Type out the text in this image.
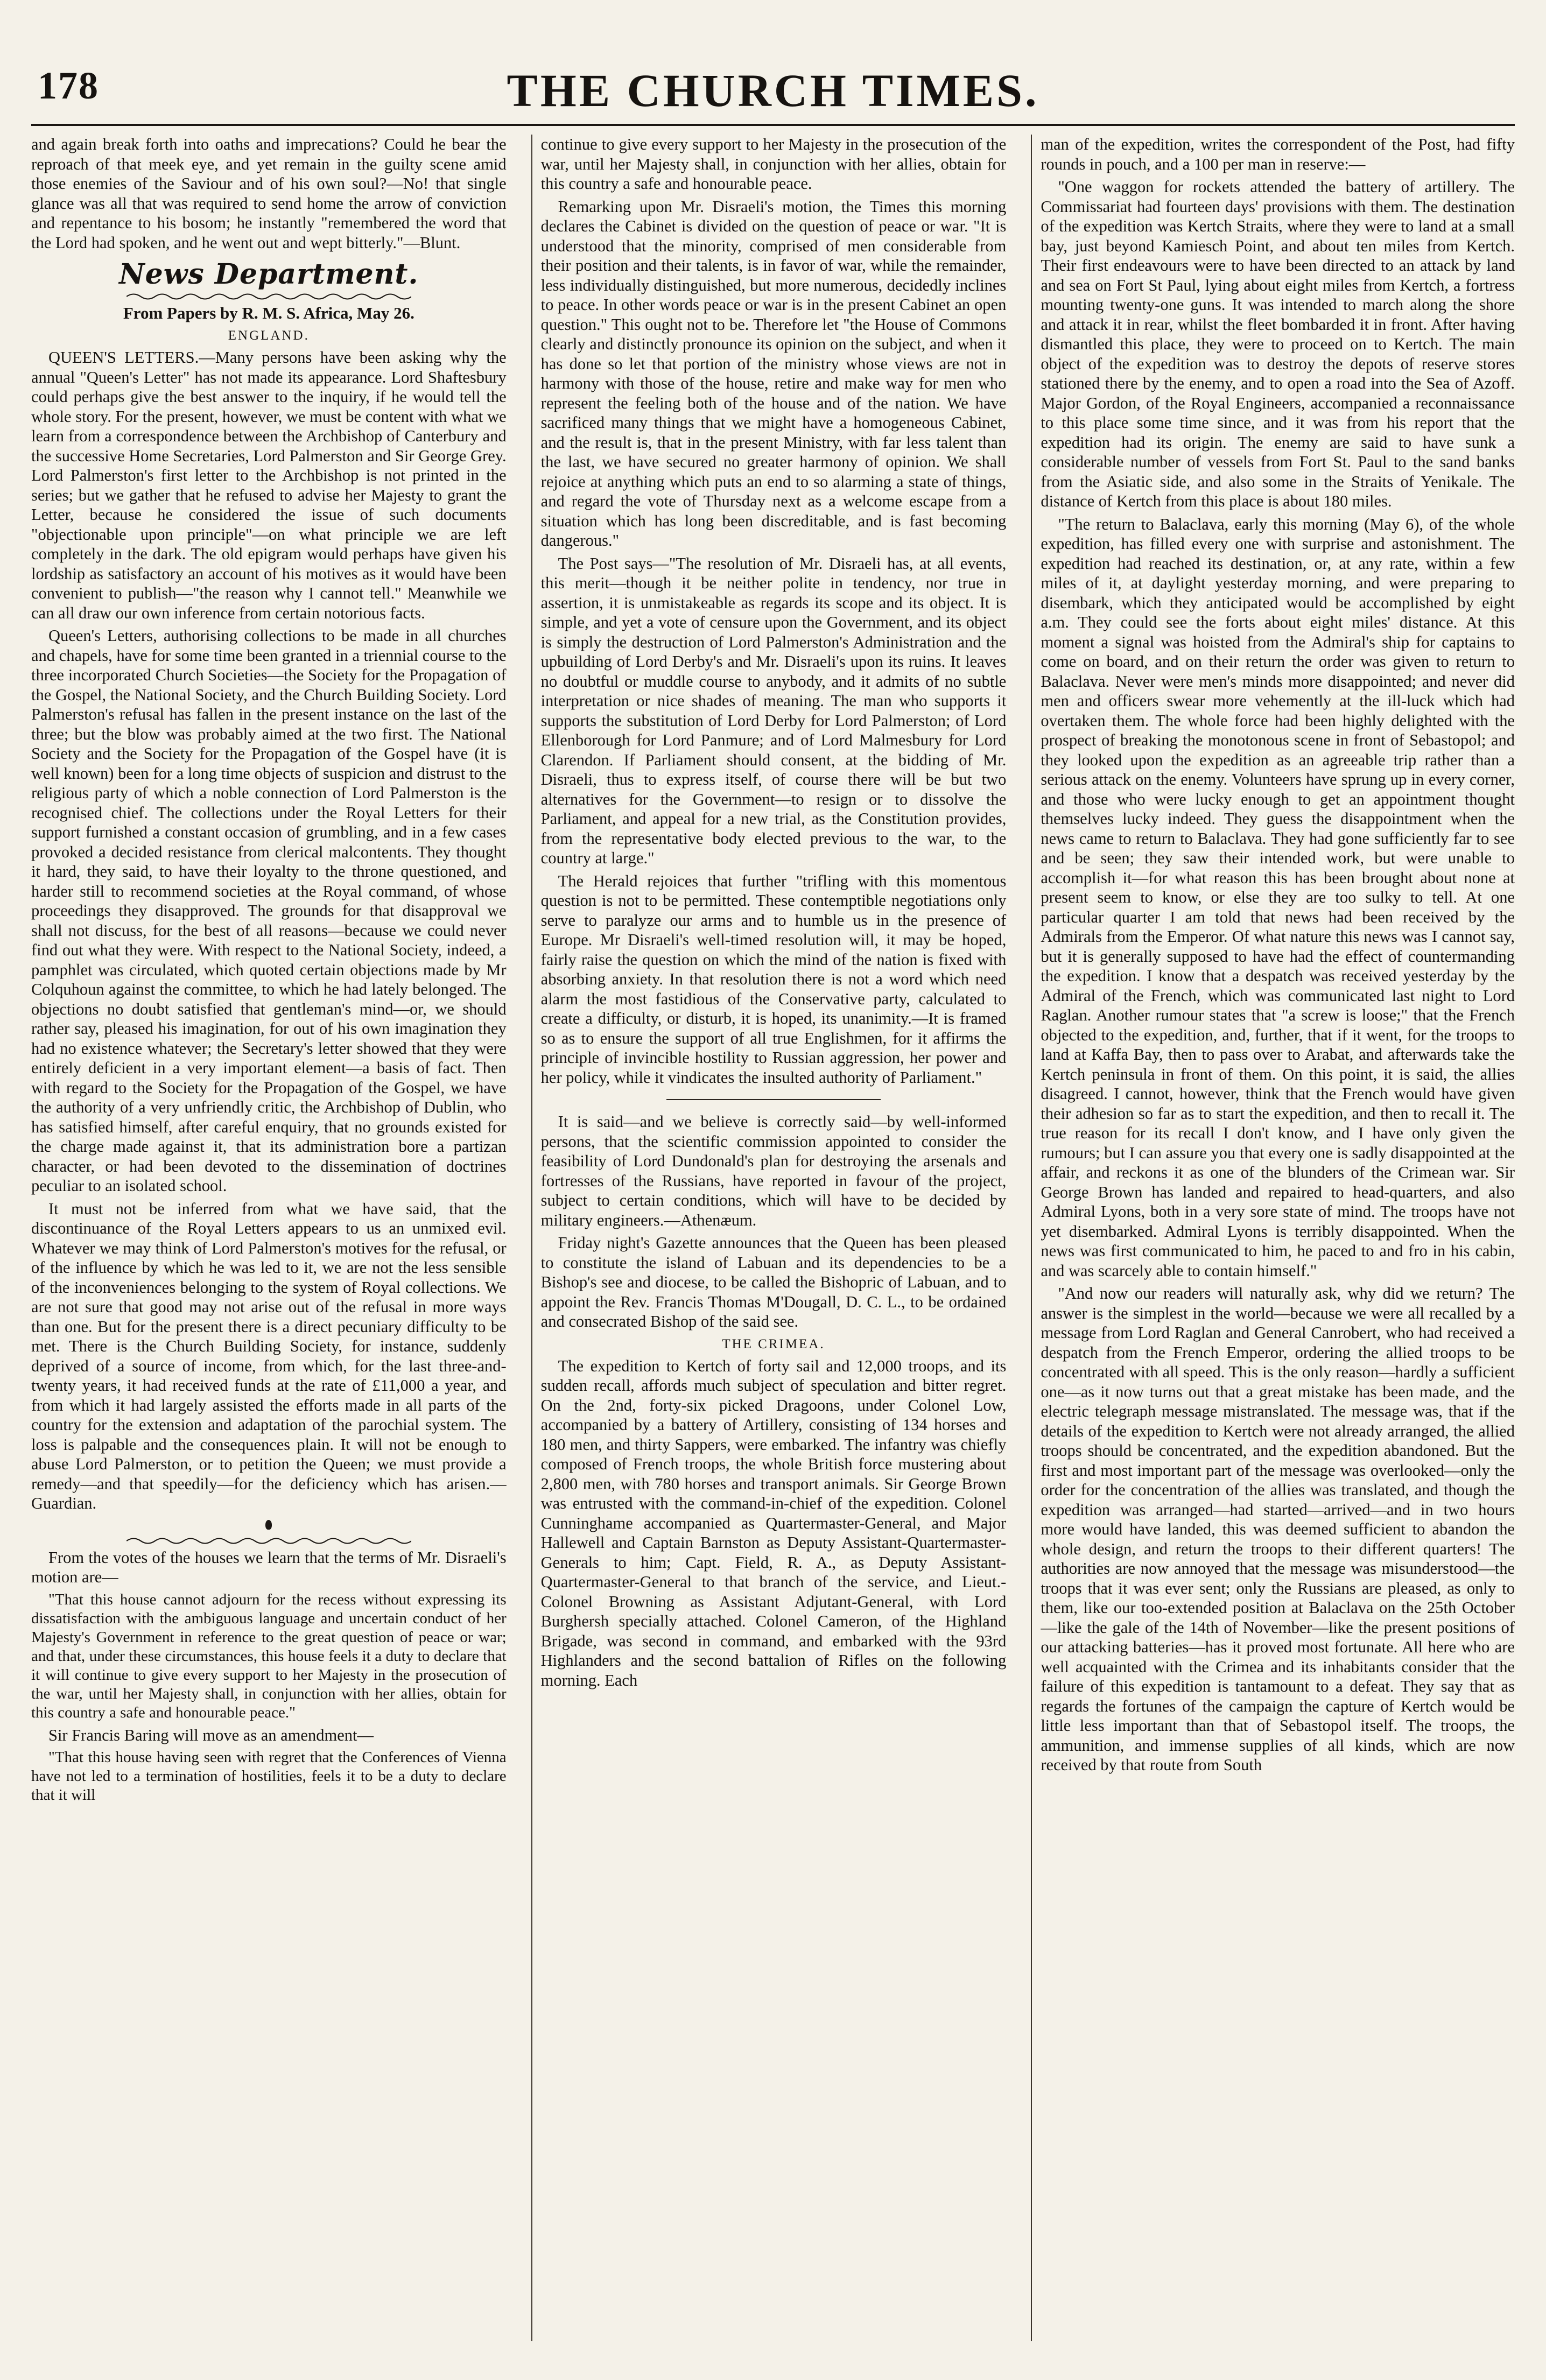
178	THE CHURCH TIMES.

and again break forth into oaths and imprecations? Could he bear the reproach of that meek eye, and yet remain in the guilty scene amid those enemies of the Saviour and of his own soul?—No! that single glance was all that was required to send home the arrow of conviction and repentance to his bosom; he instantly "remembered the word that the Lord had spoken, and he went out and wept bitterly."—Blunt.

News Department.
From Papers by R. M. S. Africa, May 26.
ENGLAND.

QUEEN'S LETTERS.—Many persons have been asking why the annual "Queen's Letter" has not made its appearance. Lord Shaftesbury could perhaps give the best answer to the inquiry, if he would tell the whole story. For the present, however, we must be content with what we learn from a correspondence between the Archbishop of Canterbury and the successive Home Secretaries, Lord Palmerston and Sir George Grey. Lord Palmerston's first letter to the Archbishop is not printed in the series; but we gather that he refused to advise her Majesty to grant the Letter, because he considered the issue of such documents "objectionable upon principle"—on what principle we are left completely in the dark. The old epigram would perhaps have given his lordship as satisfactory an account of his motives as it would have been convenient to publish—"the reason why I cannot tell." Meanwhile we can all draw our own inference from certain notorious facts.

Queen's Letters, authorising collections to be made in all churches and chapels, have for some time been granted in a triennial course to the three incorporated Church Societies—the Society for the Propagation of the Gospel, the National Society, and the Church Building Society. Lord Palmerston's refusal has fallen in the present instance on the last of the three; but the blow was probably aimed at the two first. The National Society and the Society for the Propagation of the Gospel have (it is well known) been for a long time objects of suspicion and distrust to the religious party of which a noble connection of Lord Palmerston is the recognised chief. The collections under the Royal Letters for their support furnished a constant occasion of grumbling, and in a few cases provoked a decided resistance from clerical malcontents. They thought it hard, they said, to have their loyalty to the throne questioned, and harder still to recommend societies at the Royal command, of whose proceedings they disapproved. The grounds for that disapproval we shall not discuss, for the best of all reasons—because we could never find out what they were. With respect to the National Society, indeed, a pamphlet was circulated, which quoted certain objections made by Mr Colquhoun against the committee, to which he had lately belonged. The objections no doubt satisfied that gentleman's mind—or, we should rather say, pleased his imagination, for out of his own imagination they had no existence whatever; the Secretary's letter showed that they were entirely deficient in a very important element—a basis of fact. Then with regard to the Society for the Propagation of the Gospel, we have the authority of a very unfriendly critic, the Archbishop of Dublin, who has satisfied himself, after careful enquiry, that no grounds existed for the charge made against it, that its administration bore a partizan character, or had been devoted to the dissemination of doctrines peculiar to an isolated school.

It must not be inferred from what we have said, that the discontinuance of the Royal Letters appears to us an unmixed evil. Whatever we may think of Lord Palmerston's motives for the refusal, or of the influence by which he was led to it, we are not the less sensible of the inconveniences belonging to the system of Royal collections. We are not sure that good may not arise out of the refusal in more ways than one. But for the present there is a direct pecuniary difficulty to be met. There is the Church Building Society, for instance, suddenly deprived of a source of income, from which, for the last three-and-twenty years, it had received funds at the rate of £11,000 a year, and from which it had largely assisted the efforts made in all parts of the country for the extension and adaptation of the parochial system. The loss is palpable and the consequences plain. It will not be enough to abuse Lord Palmerston, or to petition the Queen; we must provide a remedy—and that speedily—for the deficiency which has arisen.—Guardian.

From the votes of the houses we learn that the terms of Mr. Disraeli's motion are—

"That this house cannot adjourn for the recess without expressing its dissatisfaction with the ambiguous language and uncertain conduct of her Majesty's Government in reference to the great question of peace or war; and that, under these circumstances, this house feels it a duty to declare that it will continue to give every support to her Majesty in the prosecution of the war, until her Majesty shall, in conjunction with her allies, obtain for this country a safe and honourable peace."

Sir Francis Baring will move as an amendment—

"That this house having seen with regret that the Conferences of Vienna have not led to a termination of hostilities, feels it to be a duty to declare that it will

continue to give every support to her Majesty in the prosecution of the war, until her Majesty shall, in conjunction with her allies, obtain for this country a safe and honourable peace.

Remarking upon Mr. Disraeli's motion, the Times this morning declares the Cabinet is divided on the question of peace or war. "It is understood that the minority, comprised of men considerable from their position and their talents, is in favor of war, while the remainder, less individually distinguished, but more numerous, decidedly inclines to peace. In other words peace or war is in the present Cabinet an open question." This ought not to be. Therefore let "the House of Commons clearly and distinctly pronounce its opinion on the subject, and when it has done so let that portion of the ministry whose views are not in harmony with those of the house, retire and make way for men who represent the feeling both of the house and of the nation. We have sacrificed many things that we might have a homogeneous Cabinet, and the result is, that in the present Ministry, with far less talent than the last, we have secured no greater harmony of opinion. We shall rejoice at anything which puts an end to so alarming a state of things, and regard the vote of Thursday next as a welcome escape from a situation which has long been discreditable, and is fast becoming dangerous."

The Post says—"The resolution of Mr. Disraeli has, at all events, this merit—though it be neither polite in tendency, nor true in assertion, it is unmistakeable as regards its scope and its object. It is simple, and yet a vote of censure upon the Government, and its object is simply the destruction of Lord Palmerston's Administration and the upbuilding of Lord Derby's and Mr. Disraeli's upon its ruins. It leaves no doubtful or muddle course to anybody, and it admits of no subtle interpretation or nice shades of meaning. The man who supports it supports the substitution of Lord Derby for Lord Palmerston; of Lord Ellenborough for Lord Panmure; and of Lord Malmesbury for Lord Clarendon. If Parliament should consent, at the bidding of Mr. Disraeli, thus to express itself, of course there will be but two alternatives for the Government—to resign or to dissolve the Parliament, and appeal for a new trial, as the Constitution provides, from the representative body elected previous to the war, to the country at large."

The Herald rejoices that further "trifling with this momentous question is not to be permitted. These contemptible negotiations only serve to paralyze our arms and to humble us in the presence of Europe. Mr Disraeli's well-timed resolution will, it may be hoped, fairly raise the question on which the mind of the nation is fixed with absorbing anxiety. In that resolution there is not a word which need alarm the most fastidious of the Conservative party, calculated to create a difficulty, or disturb, it is hoped, its unanimity.—It is framed so as to ensure the support of all true Englishmen, for it affirms the principle of invincible hostility to Russian aggression, her power and her policy, while it vindicates the insulted authority of Parliament."

It is said—and we believe is correctly said—by well-informed persons, that the scientific commission appointed to consider the feasibility of Lord Dundonald's plan for destroying the arsenals and fortresses of the Russians, have reported in favour of the project, subject to certain conditions, which will have to be decided by military engineers.—Athenæum.

Friday night's Gazette announces that the Queen has been pleased to constitute the island of Labuan and its dependencies to be a Bishop's see and diocese, to be called the Bishopric of Labuan, and to appoint the Rev. Francis Thomas M'Dougall, D. C. L., to be ordained and consecrated Bishop of the said see.

THE CRIMEA.

The expedition to Kertch of forty sail and 12,000 troops, and its sudden recall, affords much subject of speculation and bitter regret. On the 2nd, forty-six picked Dragoons, under Colonel Low, accompanied by a battery of Artillery, consisting of 134 horses and 180 men, and thirty Sappers, were embarked. The infantry was chiefly composed of French troops, the whole British force mustering about 2,800 men, with 780 horses and transport animals. Sir George Brown was entrusted with the command-in-chief of the expedition. Colonel Cunninghame accompanied as Quartermaster-General, and Major Hallewell and Captain Barnston as Deputy Assistant-Quartermaster-Generals to him; Capt. Field, R. A., as Deputy Assistant-Quartermaster-General to that branch of the service, and Lieut.-Colonel Browning as Assistant Adjutant-General, with Lord Burghersh specially attached. Colonel Cameron, of the Highland Brigade, was second in command, and embarked with the 93rd Highlanders and the second battalion of Rifles on the following morning. Each

man of the expedition, writes the correspondent of the Post, had fifty rounds in pouch, and a 100 per man in reserve:—

"One waggon for rockets attended the battery of artillery. The Commissariat had fourteen days' provisions with them. The destination of the expedition was Kertch Straits, where they were to land at a small bay, just beyond Kamiesch Point, and about ten miles from Kertch. Their first endeavours were to have been directed to an attack by land and sea on Fort St Paul, lying about eight miles from Kertch, a fortress mounting twenty-one guns. It was intended to march along the shore and attack it in rear, whilst the fleet bombarded it in front. After having dismantled this place, they were to proceed on to Kertch. The main object of the expedition was to destroy the depots of reserve stores stationed there by the enemy, and to open a road into the Sea of Azoff. Major Gordon, of the Royal Engineers, accompanied a reconnaissance to this place some time since, and it was from his report that the expedition had its origin. The enemy are said to have sunk a considerable number of vessels from Fort St. Paul to the sand banks from the Asiatic side, and also some in the Straits of Yenikale. The distance of Kertch from this place is about 180 miles.

"The return to Balaclava, early this morning (May 6), of the whole expedition, has filled every one with surprise and astonishment. The expedition had reached its destination, or, at any rate, within a few miles of it, at daylight yesterday morning, and were preparing to disembark, which they anticipated would be accomplished by eight a.m. They could see the forts about eight miles' distance. At this moment a signal was hoisted from the Admiral's ship for captains to come on board, and on their return the order was given to return to Balaclava. Never were men's minds more disappointed; and never did men and officers swear more vehemently at the ill-luck which had overtaken them. The whole force had been highly delighted with the prospect of breaking the monotonous scene in front of Sebastopol; and they looked upon the expedition as an agreeable trip rather than a serious attack on the enemy. Volunteers have sprung up in every corner, and those who were lucky enough to get an appointment thought themselves lucky indeed. They guess the disappointment when the news came to return to Balaclava. They had gone sufficiently far to see and be seen; they saw their intended work, but were unable to accomplish it—for what reason this has been brought about none at present seem to know, or else they are too sulky to tell. At one particular quarter I am told that news had been received by the Admirals from the Emperor. Of what nature this news was I cannot say, but it is generally supposed to have had the effect of countermanding the expedition. I know that a despatch was received yesterday by the Admiral of the French, which was communicated last night to Lord Raglan. Another rumour states that "a screw is loose;" that the French objected to the expedition, and, further, that if it went, for the troops to land at Kaffa Bay, then to pass over to Arabat, and afterwards take the Kertch peninsula in front of them. On this point, it is said, the allies disagreed. I cannot, however, think that the French would have given their adhesion so far as to start the expedition, and then to recall it. The true reason for its recall I don't know, and I have only given the rumours; but I can assure you that every one is sadly disappointed at the affair, and reckons it as one of the blunders of the Crimean war. Sir George Brown has landed and repaired to head-quarters, and also Admiral Lyons, both in a very sore state of mind. The troops have not yet disembarked. Admiral Lyons is terribly disappointed. When the news was first communicated to him, he paced to and fro in his cabin, and was scarcely able to contain himself."

"And now our readers will naturally ask, why did we return? The answer is the simplest in the world—because we were all recalled by a message from Lord Raglan and General Canrobert, who had received a despatch from the French Emperor, ordering the allied troops to be concentrated with all speed. This is the only reason—hardly a sufficient one—as it now turns out that a great mistake has been made, and the electric telegraph message mistranslated. The message was, that if the details of the expedition to Kertch were not already arranged, the allied troops should be concentrated, and the expedition abandoned. But the first and most important part of the message was overlooked—only the order for the concentration of the allies was translated, and though the expedition was arranged—had started—arrived—and in two hours more would have landed, this was deemed sufficient to abandon the whole design, and return the troops to their different quarters! The authorities are now annoyed that the message was misunderstood—the troops that it was ever sent; only the Russians are pleased, as only to them, like our too-extended position at Balaclava on the 25th October—like the gale of the 14th of November—like the present positions of our attacking batteries—has it proved most fortunate. All here who are well acquainted with the Crimea and its inhabitants consider that the failure of this expedition is tantamount to a defeat. They say that as regards the fortunes of the campaign the capture of Kertch would be little less important than that of Sebastopol itself. The troops, the ammunition, and immense supplies of all kinds, which are now received by that route from South
